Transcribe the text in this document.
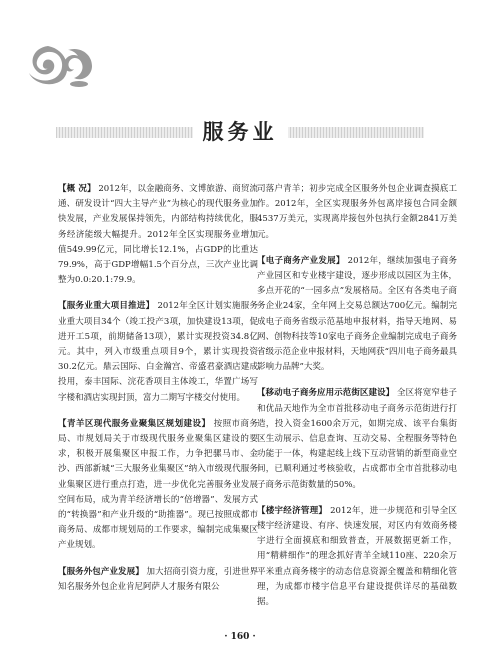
服务业

【概 况】 2012年，以金融商务、文博旅游、商贸流通、研发设计“四大主导产业”为核心的现代服务业加快发展，产业发展保持领先，内部结构持续优化，服务经济能级大幅提升。2012年全区实现服务业增加值549.99亿元，同比增长12.1%，占GDP的比重达79.9%，高于GDP增幅1.5个百分点，三次产业比调整为0.0:20.1:79.9。

【服务业重大项目推进】 2012年全区计划实施服务业重大项目34个（竣工投产3项，加快建设13项，促进开工5项，前期储备13项），累计实现投资34.8亿元。其中，列入市级重点项目9个，累计实现投资30.2亿元。鼎云国际、白金瀚宫、帝盛君豪酒店建成投用，泰丰国际、浣花香项目主体竣工，华置广场写字楼和酒店实现封顶，富力二期写字楼交付使用。

【青羊区现代服务业聚集区规划建设】 按照市商务局、市规划局关于市级现代服务业聚集区建设的要求，积极开展集聚区申报工作，力争把骡马市、金沙、西部新城“三大服务业集聚区”纳入市级现代服务业集聚区进行重点打造，进一步优化完善服务业发展空间布局，成为青羊经济增长的“倍增器”、发展方式的“转换器”和产业升级的“助推器”。现已按照成都市商务局、成都市规划局的工作要求，编制完成集聚区产业规划。

【服务外包产业发展】 加大招商引资力度，引进世界知名服务外包企业肯尼阿萨人才服务有限公

司落户青羊；初步完成全区服务外包企业调查摸底工作。2012年，全区实现服务外包离岸接包合同金额4537万美元，实现离岸接包外包执行金额2841万美元。

【电子商务产业发展】 2012年，继续加强电子商务产业园区和专业楼宇建设，逐步形成以园区为主体，多点开花的“一园多点”发展格局。全区有各类电子商务企业24家，全年网上交易总额达700亿元。编制完成电子商务省级示范基地申报材料，指导天地网、易网、创物科技等10家电子商务企业编制完成电子商务省级示范企业申报材料，天地网获“四川电子商务最具影响力品牌”大奖。

【移动电子商务应用示范街区建设】 全区将宽窄巷子和优品天地作为全市首批移动电子商务示范街进行打造，投入资金1600余万元，如期完成、该平台集街区生动展示、信息查询、互动交易、全程服务等特色功能于一体，构建起线上线下互动营销的新型商业空间，已顺利通过考核验收，占成都市全市首批移动电子商务示范街数量的50%。

【楼宇经济管理】 2012年，进一步规范和引导全区楼宇经济建设、有序、快速发展，对区内有效商务楼宇进行全面摸底和细致普查，开展数据更新工作，用“精耕细作”的理念抓好青羊全域110座、220余万平米重点商务楼宇的动态信息资源全覆盖和精细化管理，为成都市楼宇信息平台建设提供详尽的基础数据。

· 160 ·
